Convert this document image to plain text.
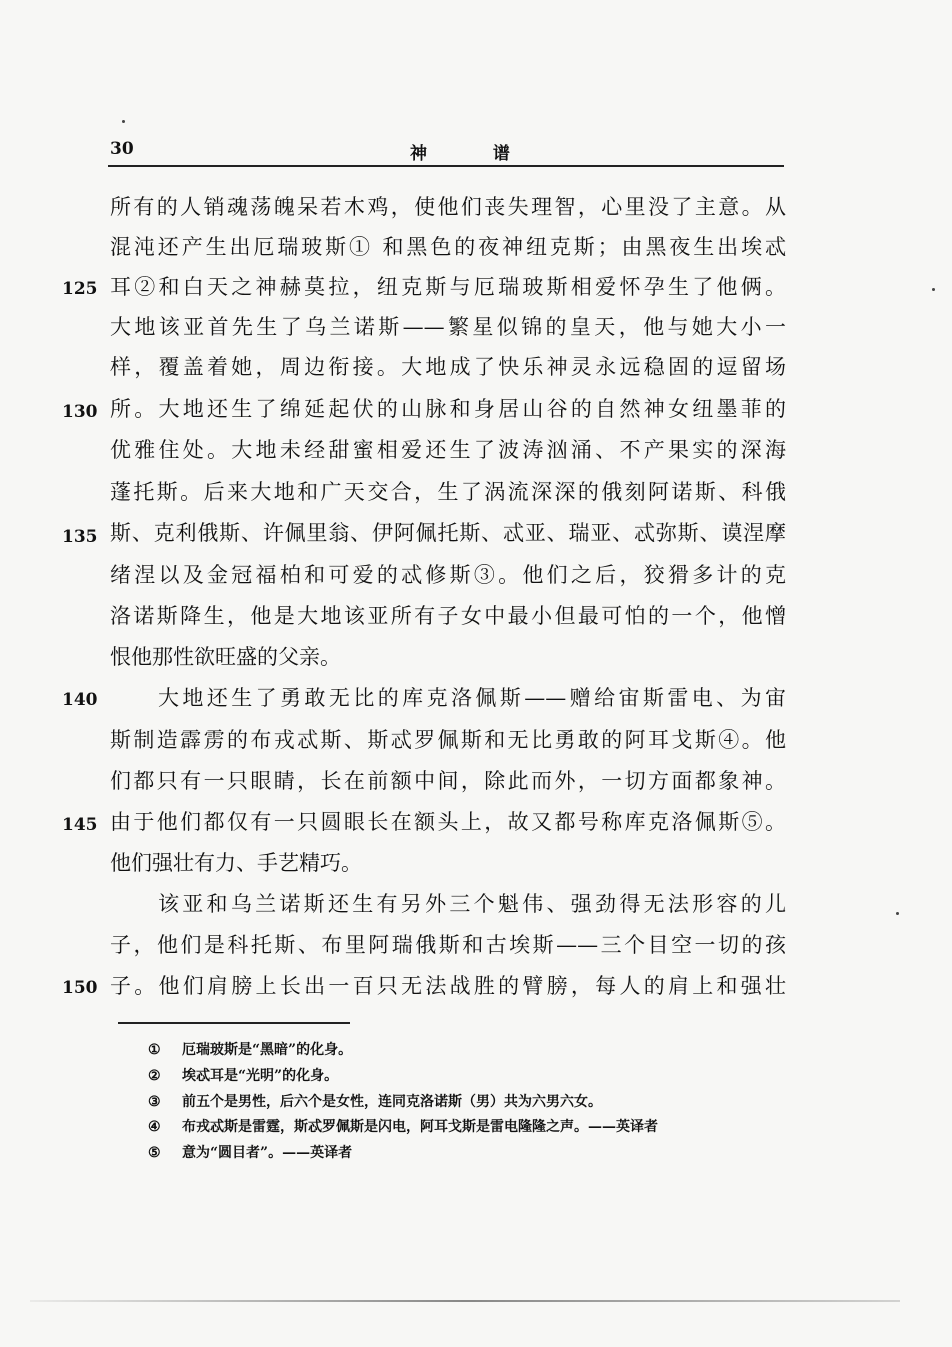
30	神 谱
所有的人销魂荡魄呆若木鸡，使他们丧失理智，心里没了主意。从
混沌还产生出厄瑞玻斯① 和黑色的夜神纽克斯；由黑夜生出埃忒
耳②和白天之神赫莫拉，纽克斯与厄瑞玻斯相爱怀孕生了他俩。
大地该亚首先生了乌兰诺斯——繁星似锦的皇天，他与她大小一
样，覆盖着她，周边衔接。大地成了快乐神灵永远稳固的逗留场
所。大地还生了绵延起伏的山脉和身居山谷的自然神女纽墨菲的
优雅住处。大地未经甜蜜相爱还生了波涛汹涌、不产果实的深海
蓬托斯。后来大地和广天交合，生了涡流深深的俄刻阿诺斯、科俄
斯、克利俄斯、许佩里翁、伊阿佩托斯、忒亚、瑞亚、忒弥斯、谟涅摩
绪涅以及金冠福柏和可爱的忒修斯③。他们之后，狡猾多计的克
洛诺斯降生，他是大地该亚所有子女中最小但最可怕的一个，他憎
恨他那性欲旺盛的父亲。
大地还生了勇敢无比的库克洛佩斯——赠给宙斯雷电、为宙
斯制造霹雳的布戎忒斯、斯忒罗佩斯和无比勇敢的阿耳戈斯④。他
们都只有一只眼睛，长在前额中间，除此而外，一切方面都象神。
由于他们都仅有一只圆眼长在额头上，故又都号称库克洛佩斯⑤。
他们强壮有力、手艺精巧。
该亚和乌兰诺斯还生有另外三个魁伟、强劲得无法形容的儿
子，他们是科托斯、布里阿瑞俄斯和古埃斯——三个目空一切的孩
子。他们肩膀上长出一百只无法战胜的臂膀，每人的肩上和强壮
125
130
135
140
145
150
① 厄瑞玻斯是“黑暗”的化身。
② 埃忒耳是“光明”的化身。
③ 前五个是男性，后六个是女性，连同克洛诺斯（男）共为六男六女。
④ 布戎忒斯是雷霆，斯忒罗佩斯是闪电，阿耳戈斯是雷电隆隆之声。——英译者
⑤ 意为“圆目者”。——英译者
